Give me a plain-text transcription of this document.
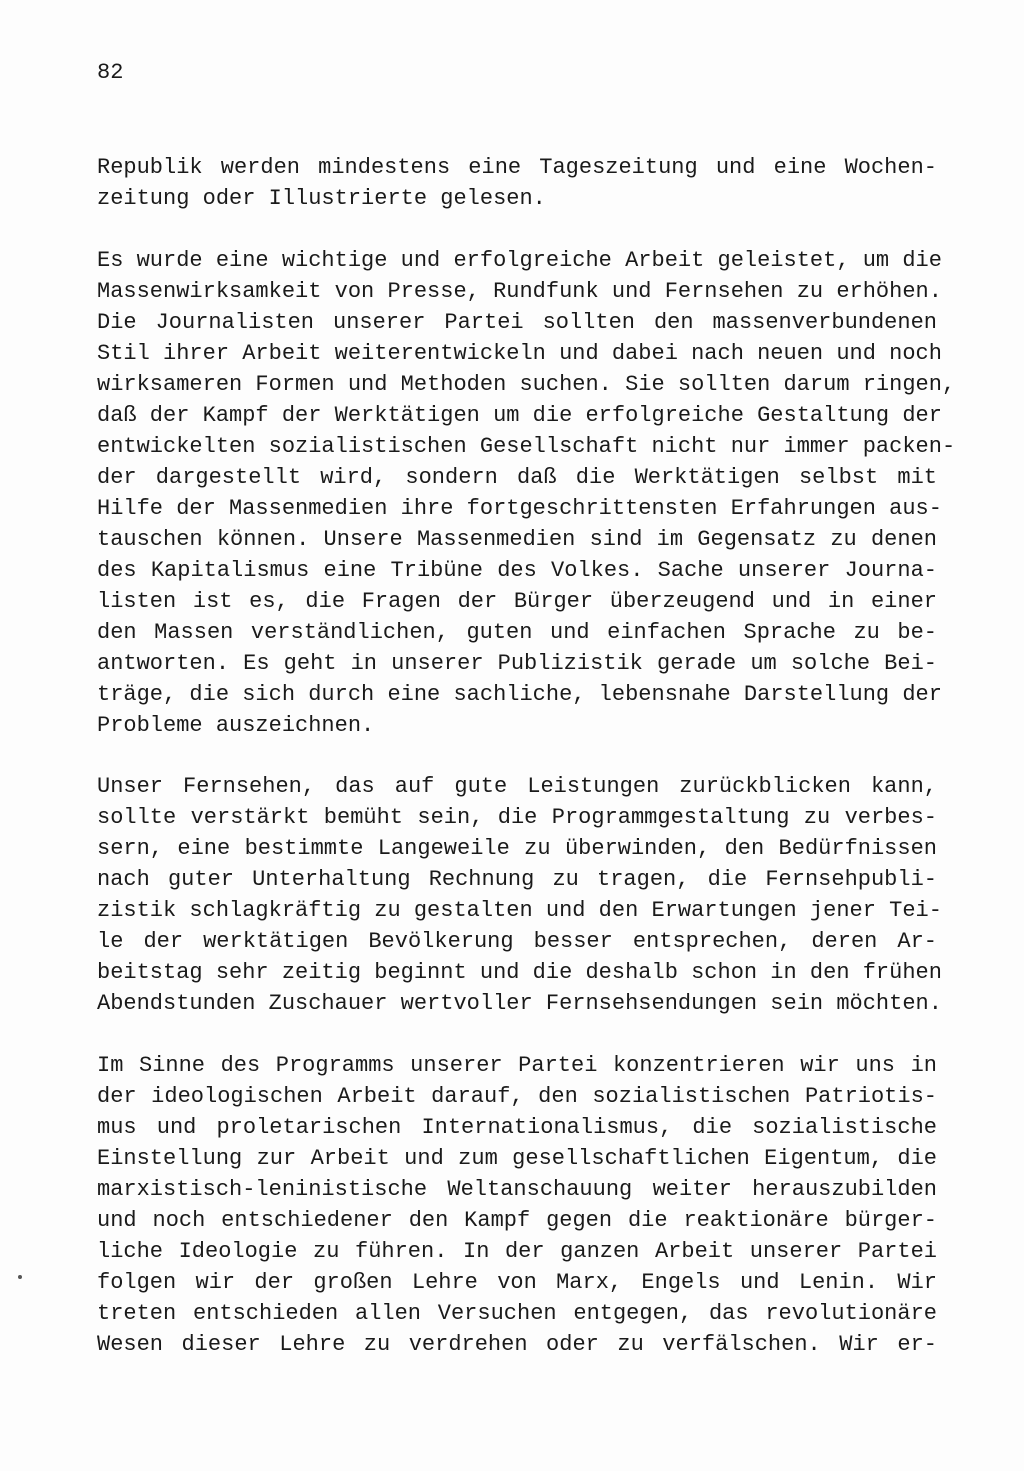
82

Republik werden mindestens eine Tageszeitung und eine Wochen-
zeitung oder Illustrierte gelesen.
Es wurde eine wichtige und erfolgreiche Arbeit geleistet, um die
Massenwirksamkeit von Presse, Rundfunk und Fernsehen zu erhöhen.
Die Journalisten unserer Partei sollten den massenverbundenen
Stil ihrer Arbeit weiterentwickeln und dabei nach neuen und noch
wirksameren Formen und Methoden suchen. Sie sollten darum ringen,
daß der Kampf der Werktätigen um die erfolgreiche Gestaltung der
entwickelten sozialistischen Gesellschaft nicht nur immer packen-
der dargestellt wird, sondern daß die Werktätigen selbst mit
Hilfe der Massenmedien ihre fortgeschrittensten Erfahrungen aus-
tauschen können. Unsere Massenmedien sind im Gegensatz zu denen
des Kapitalismus eine Tribüne des Volkes. Sache unserer Journa-
listen ist es, die Fragen der Bürger überzeugend und in einer
den Massen verständlichen, guten und einfachen Sprache zu be-
antworten. Es geht in unserer Publizistik gerade um solche Bei-
träge, die sich durch eine sachliche, lebensnahe Darstellung der
Probleme auszeichnen.
Unser Fernsehen, das auf gute Leistungen zurückblicken kann,
sollte verstärkt bemüht sein, die Programmgestaltung zu verbes-
sern, eine bestimmte Langeweile zu überwinden, den Bedürfnissen
nach guter Unterhaltung Rechnung zu tragen, die Fernsehpubli-
zistik schlagkräftig zu gestalten und den Erwartungen jener Tei-
le der werktätigen Bevölkerung besser entsprechen, deren Ar-
beitstag sehr zeitig beginnt und die deshalb schon in den frühen
Abendstunden Zuschauer wertvoller Fernsehsendungen sein möchten.
Im Sinne des Programms unserer Partei konzentrieren wir uns in
der ideologischen Arbeit darauf, den sozialistischen Patriotis-
mus und proletarischen Internationalismus, die sozialistische
Einstellung zur Arbeit und zum gesellschaftlichen Eigentum, die
marxistisch-leninistische Weltanschauung weiter herauszubilden
und noch entschiedener den Kampf gegen die reaktionäre bürger-
liche Ideologie zu führen. In der ganzen Arbeit unserer Partei
folgen wir der großen Lehre von Marx, Engels und Lenin. Wir
treten entschieden allen Versuchen entgegen, das revolutionäre
Wesen dieser Lehre zu verdrehen oder zu verfälschen. Wir er-
